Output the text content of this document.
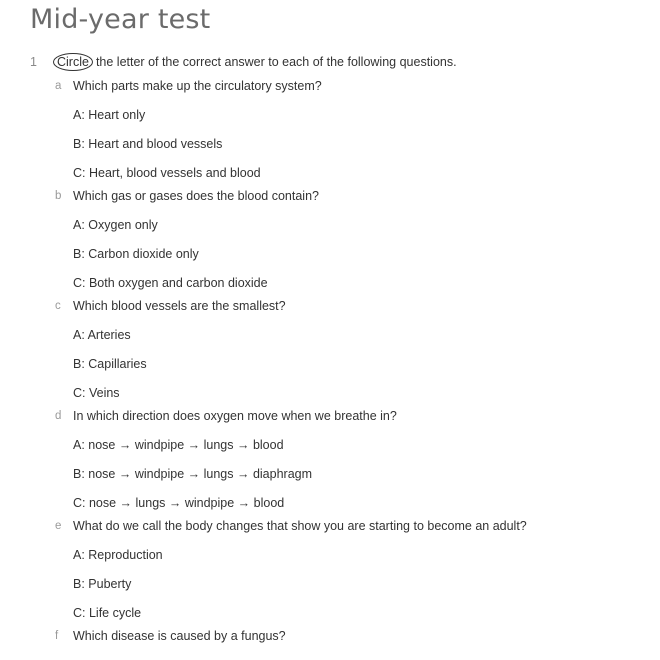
Mid-year test
1	Circle the letter of the correct answer to each of the following questions.
a Which parts make up the circulatory system?
A: Heart only
B: Heart and blood vessels
C: Heart, blood vessels and blood
b Which gas or gases does the blood contain?
A: Oxygen only
B: Carbon dioxide only
C: Both oxygen and carbon dioxide
c Which blood vessels are the smallest?
A: Arteries
B: Capillaries
C: Veins
d In which direction does oxygen move when we breathe in?
A: nose → windpipe → lungs → blood
B: nose → windpipe → lungs → diaphragm
C: nose → lungs → windpipe → blood
e What do we call the body changes that show you are starting to become an adult?
A: Reproduction
B: Puberty
C: Life cycle
f Which disease is caused by a fungus?
